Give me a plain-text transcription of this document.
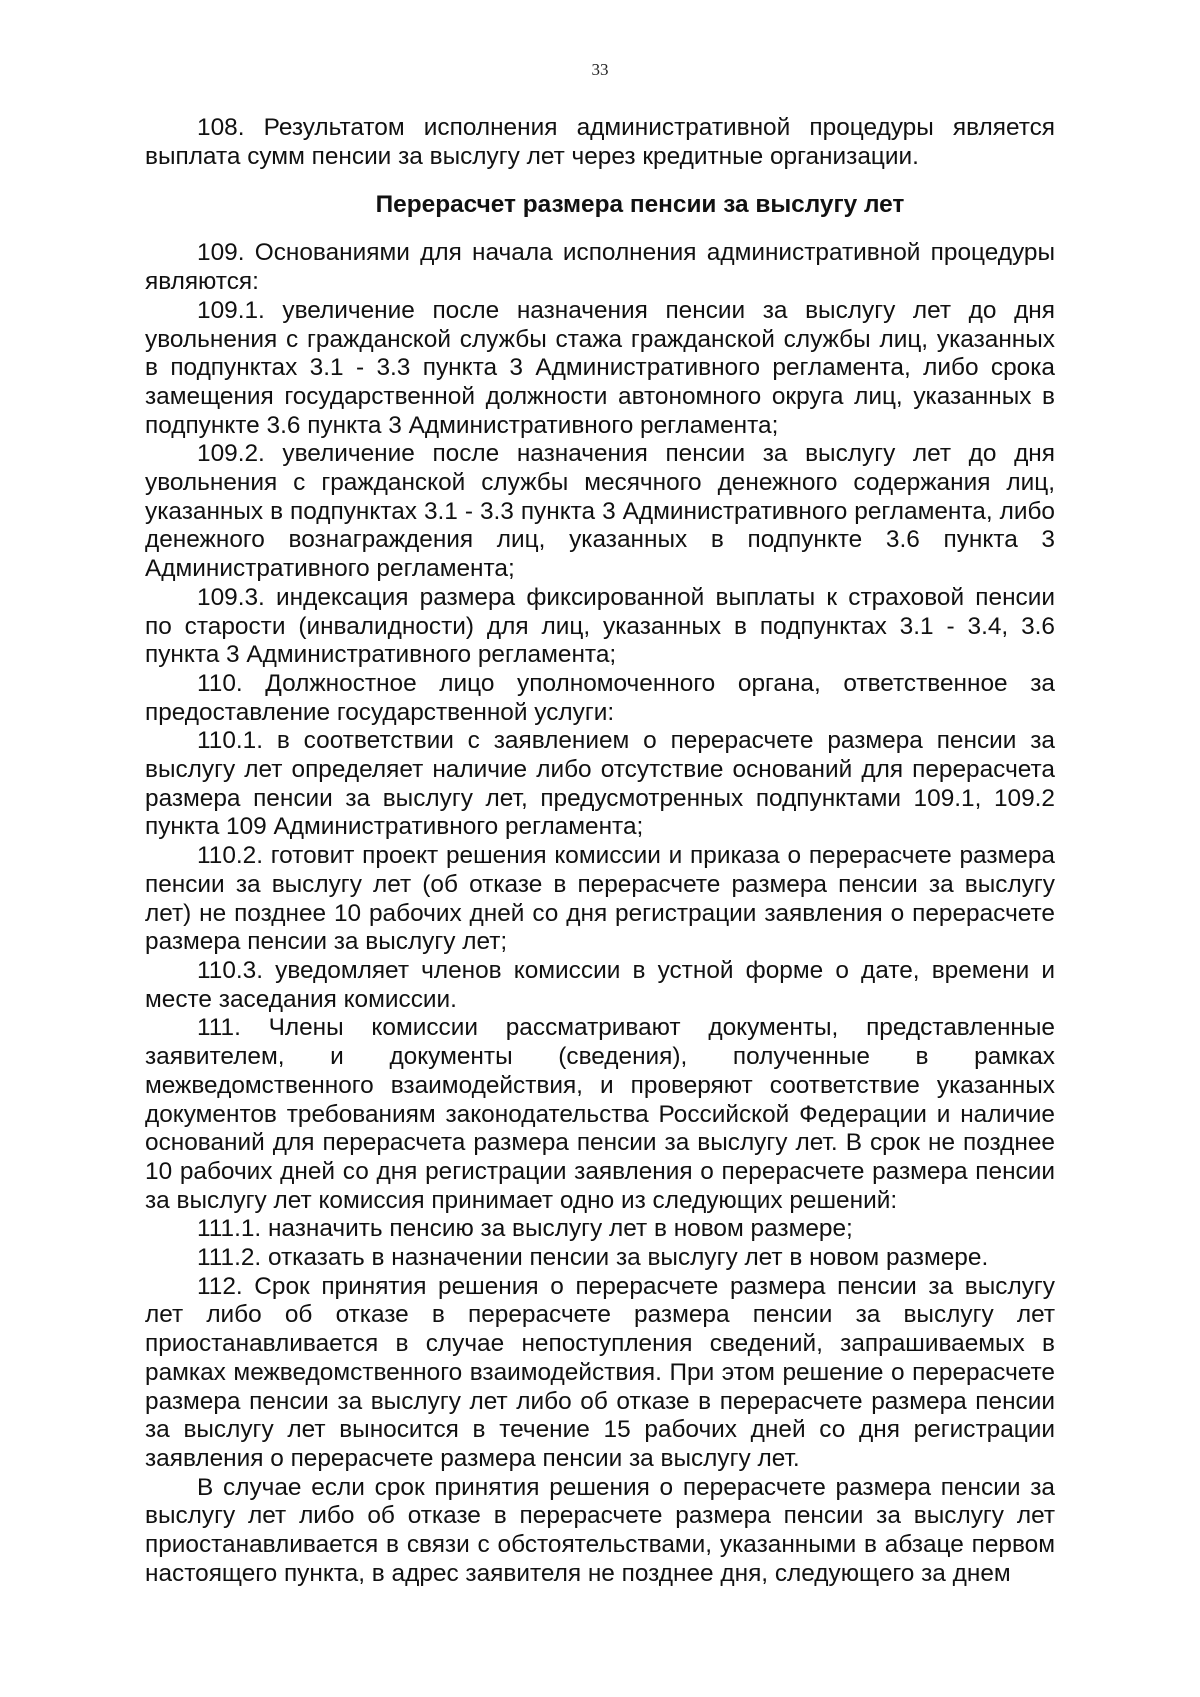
33

108. Результатом исполнения административной процедуры является выплата сумм пенсии за выслугу лет через кредитные организации.

Перерасчет размера пенсии за выслугу лет

109. Основаниями для начала исполнения административной процедуры являются:

109.1. увеличение после назначения пенсии за выслугу лет до дня увольнения с гражданской службы стажа гражданской службы лиц, указанных в подпунктах 3.1 - 3.3 пункта 3 Административного регламента, либо срока замещения государственной должности автономного округа лиц, указанных в подпункте 3.6 пункта 3 Административного регламента;

109.2. увеличение после назначения пенсии за выслугу лет до дня увольнения с гражданской службы месячного денежного содержания лиц, указанных в подпунктах 3.1 - 3.3 пункта 3 Административного регламента, либо денежного вознаграждения лиц, указанных в подпункте 3.6 пункта 3 Административного регламента;

109.3. индексация размера фиксированной выплаты к страховой пенсии по старости (инвалидности) для лиц, указанных в подпунктах 3.1 - 3.4, 3.6 пункта 3 Административного регламента;

110. Должностное лицо уполномоченного органа, ответственное за предоставление государственной услуги:

110.1. в соответствии с заявлением о перерасчете размера пенсии за выслугу лет определяет наличие либо отсутствие оснований для перерасчета размера пенсии за выслугу лет, предусмотренных подпунктами 109.1, 109.2 пункта 109 Административного регламента;

110.2. готовит проект решения комиссии и приказа о перерасчете размера пенсии за выслугу лет (об отказе в перерасчете размера пенсии за выслугу лет) не позднее 10 рабочих дней со дня регистрации заявления о перерасчете размера пенсии за выслугу лет;

110.3. уведомляет членов комиссии в устной форме о дате, времени и месте заседания комиссии.

111. Члены комиссии рассматривают документы, представленные заявителем, и документы (сведения), полученные в рамках межведомственного взаимодействия, и проверяют соответствие указанных документов требованиям законодательства Российской Федерации и наличие оснований для перерасчета размера пенсии за выслугу лет. В срок не позднее 10 рабочих дней со дня регистрации заявления о перерасчете размера пенсии за выслугу лет комиссия принимает одно из следующих решений:

111.1. назначить пенсию за выслугу лет в новом размере;

111.2. отказать в назначении пенсии за выслугу лет в новом размере.

112. Срок принятия решения о перерасчете размера пенсии за выслугу лет либо об отказе в перерасчете размера пенсии за выслугу лет приостанавливается в случае непоступления сведений, запрашиваемых в рамках межведомственного взаимодействия. При этом решение о перерасчете размера пенсии за выслугу лет либо об отказе в перерасчете размера пенсии за выслугу лет выносится в течение 15 рабочих дней со дня регистрации заявления о перерасчете размера пенсии за выслугу лет.

В случае если срок принятия решения о перерасчете размера пенсии за выслугу лет либо об отказе в перерасчете размера пенсии за выслугу лет приостанавливается в связи с обстоятельствами, указанными в абзаце первом настоящего пункта, в адрес заявителя не позднее дня, следующего за днем
